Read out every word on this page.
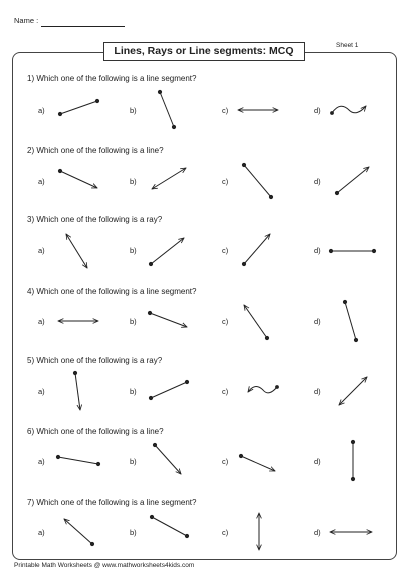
Name :
Lines, Rays or Line segments: MCQ	Sheet 1
1) Which one of the following is a line segment?
a)	b)	c)	d)
2) Which one of the following is a line?
a)	b)	c)	d)
3) Which one of the following is a ray?
a)	b)	c)	d)
4) Which one of the following is a line segment?
a)	b)	c)	d)
5) Which one of the following is a ray?
a)	b)	c)	d)
6) Which one of the following is a line?
a)	b)	c)	d)
7) Which one of the following is a line segment?
a)	b)	c)	d)
Printable Math Worksheets @ www.mathworksheets4kids.com
